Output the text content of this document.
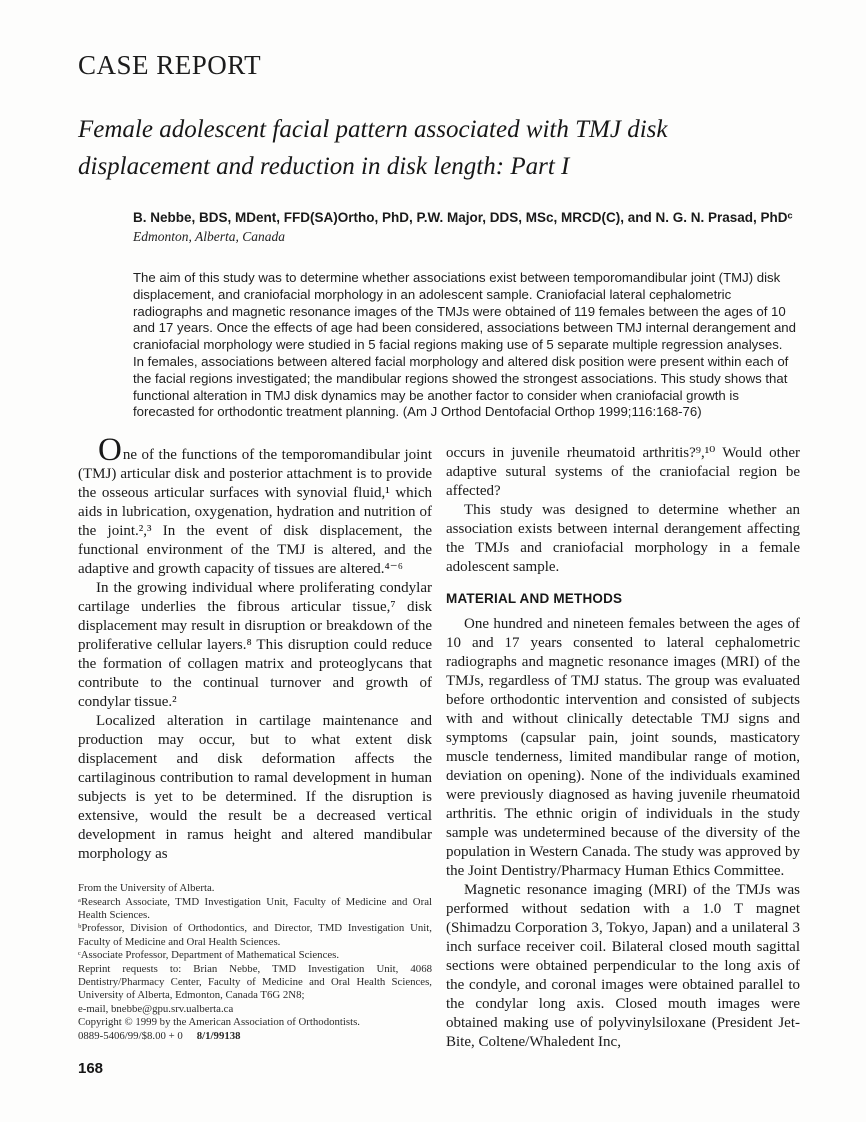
CASE REPORT
Female adolescent facial pattern associated with TMJ disk
displacement and reduction in disk length: Part I
B. Nebbe, BDS, MDent, FFD(SA)Ortho, PhD, P.W. Major, DDS, MSc, MRCD(C), and N. G. N. Prasad, PhDᶜ
Edmonton, Alberta, Canada
The aim of this study was to determine whether associations exist between temporomandibular joint (TMJ) disk displacement, and craniofacial morphology in an adolescent sample. Craniofacial lateral cephalometric radiographs and magnetic resonance images of the TMJs were obtained of 119 females between the ages of 10 and 17 years. Once the effects of age had been considered, associations between TMJ internal derangement and craniofacial morphology were studied in 5 facial regions making use of 5 separate multiple regression analyses. In females, associations between altered facial morphology and altered disk position were present within each of the facial regions investigated; the mandibular regions showed the strongest associations. This study shows that functional alteration in TMJ disk dynamics may be another factor to consider when craniofacial growth is forecasted for orthodontic treatment planning. (Am J Orthod Dentofacial Orthop 1999;116:168-76)

One of the functions of the temporomandibular joint (TMJ) articular disk and posterior attachment is to provide the osseous articular surfaces with synovial fluid,¹ which aids in lubrication, oxygenation, hydration and nutrition of the joint.²,³ In the event of disk displacement, the functional environment of the TMJ is altered, and the adaptive and growth capacity of tissues are altered.⁴⁻⁶

In the growing individual where proliferating condylar cartilage underlies the fibrous articular tissue,⁷ disk displacement may result in disruption or breakdown of the proliferative cellular layers.⁸ This disruption could reduce the formation of collagen matrix and proteoglycans that contribute to the continual turnover and growth of condylar tissue.²

Localized alteration in cartilage maintenance and production may occur, but to what extent disk displacement and disk deformation affects the cartilaginous contribution to ramal development in human subjects is yet to be determined. If the disruption is extensive, would the result be a decreased vertical development in ramus height and altered mandibular morphology as

From the University of Alberta.
ᵃResearch Associate, TMD Investigation Unit, Faculty of Medicine and Oral Health Sciences.
ᵇProfessor, Division of Orthodontics, and Director, TMD Investigation Unit, Faculty of Medicine and Oral Health Sciences.
ᶜAssociate Professor, Department of Mathematical Sciences.
Reprint requests to: Brian Nebbe, TMD Investigation Unit, 4068 Dentistry/Pharmacy Center, Faculty of Medicine and Oral Health Sciences, University of Alberta, Edmonton, Canada T6G 2N8;
e-mail, bnebbe@gpu.srv.ualberta.ca
Copyright © 1999 by the American Association of Orthodontists.
0889-5406/99/$8.00 + 0 8/1/99138
168

occurs in juvenile rheumatoid arthritis?⁹,¹⁰ Would other adaptive sutural systems of the craniofacial region be affected?

This study was designed to determine whether an association exists between internal derangement affecting the TMJs and craniofacial morphology in a female adolescent sample.

MATERIAL AND METHODS

One hundred and nineteen females between the ages of 10 and 17 years consented to lateral cephalometric radiographs and magnetic resonance images (MRI) of the TMJs, regardless of TMJ status. The group was evaluated before orthodontic intervention and consisted of subjects with and without clinically detectable TMJ signs and symptoms (capsular pain, joint sounds, masticatory muscle tenderness, limited mandibular range of motion, deviation on opening). None of the individuals examined were previously diagnosed as having juvenile rheumatoid arthritis. The ethnic origin of individuals in the study sample was undetermined because of the diversity of the population in Western Canada. The study was approved by the Joint Dentistry/Pharmacy Human Ethics Committee.

Magnetic resonance imaging (MRI) of the TMJs was performed without sedation with a 1.0 T magnet (Shimadzu Corporation 3, Tokyo, Japan) and a unilateral 3 inch surface receiver coil. Bilateral closed mouth sagittal sections were obtained perpendicular to the long axis of the condyle, and coronal images were obtained parallel to the condylar long axis. Closed mouth images were obtained making use of polyvinylsiloxane (President Jet-Bite, Coltene/Whaledent Inc,
